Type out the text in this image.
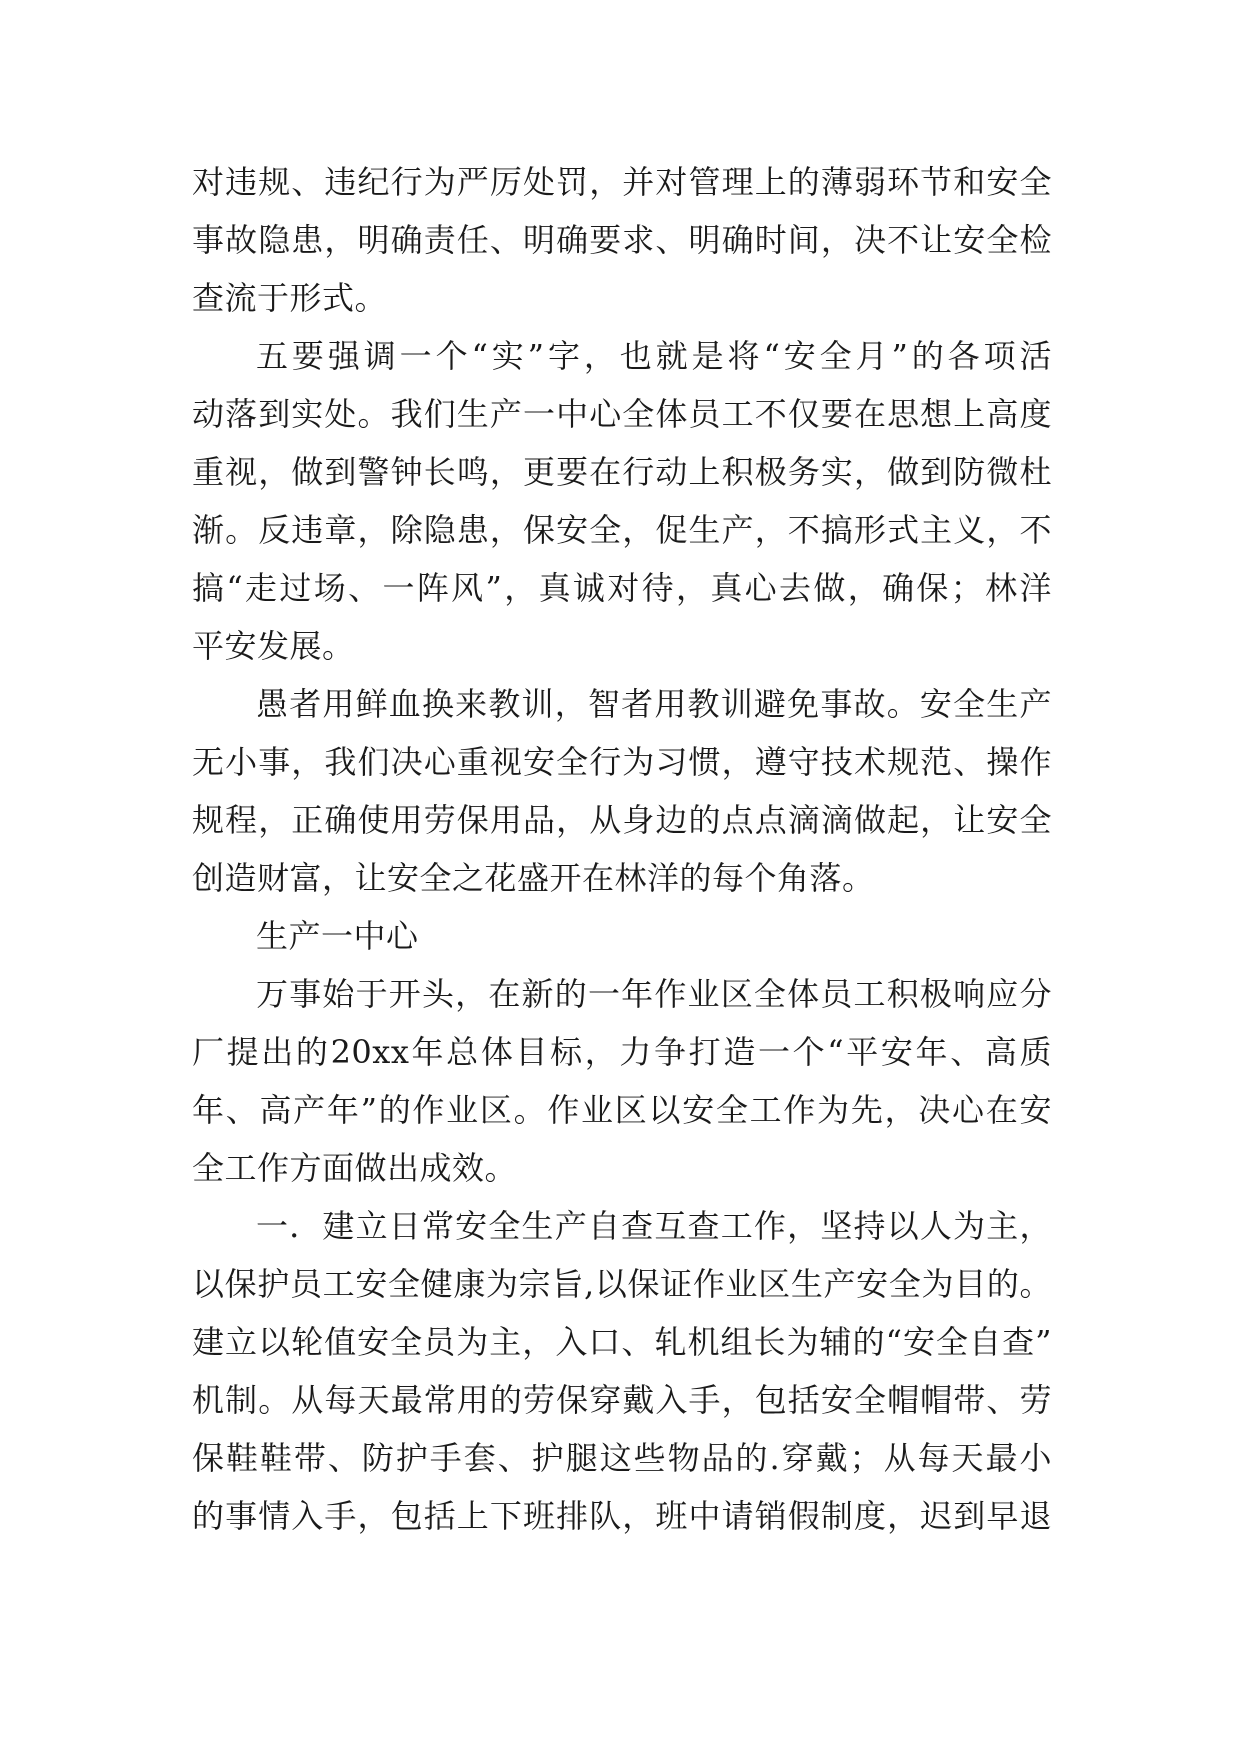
对违规、违纪行为严厉处罚，并对管理上的薄弱环节和安全
事故隐患，明确责任、明确要求、明确时间，决不让安全检
查流于形式。
五要强调一个“实”字，也就是将“安全月”的各项活
动落到实处。我们生产一中心全体员工不仅要在思想上高度
重视，做到警钟长鸣，更要在行动上积极务实，做到防微杜
渐。反违章，除隐患，保安全，促生产，不搞形式主义，不
搞“走过场、一阵风”，真诚对待，真心去做，确保；林洋
平安发展。
愚者用鲜血换来教训，智者用教训避免事故。安全生产
无小事，我们决心重视安全行为习惯，遵守技术规范、操作
规程，正确使用劳保用品，从身边的点点滴滴做起，让安全
创造财富，让安全之花盛开在林洋的每个角落。
生产一中心
万事始于开头，在新的一年作业区全体员工积极响应分
厂提出的20xx年总体目标，力争打造一个“平安年、高质
年、高产年”的作业区。作业区以安全工作为先，决心在安
全工作方面做出成效。
一．建立日常安全生产自查互查工作，坚持以人为主，
以保护员工安全健康为宗旨,以保证作业区生产安全为目的。
建立以轮值安全员为主，入口、轧机组长为辅的“安全自查”
机制。从每天最常用的劳保穿戴入手，包括安全帽帽带、劳
保鞋鞋带、防护手套、护腿这些物品的.穿戴；从每天最小
的事情入手，包括上下班排队，班中请销假制度，迟到早退
